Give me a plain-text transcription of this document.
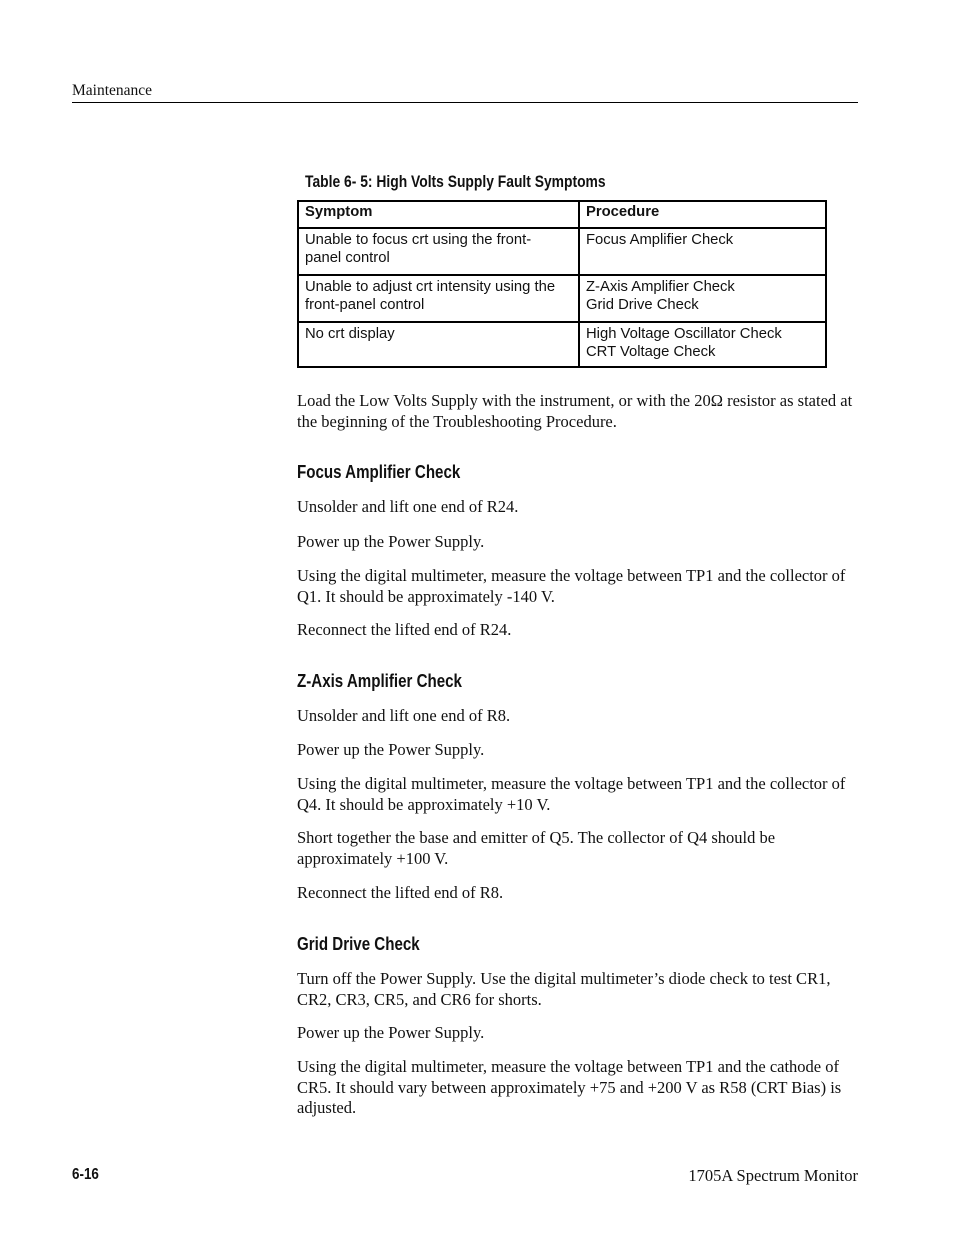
Maintenance
Table 6- 5: High Volts Supply Fault Symptoms
Symptom	Procedure

Unable to focus crt using the front-
panel control	Focus Amplifier Check

Unable to adjust crt intensity using the
front-panel control	Z-Axis Amplifier Check
Grid Drive Check

No crt display	High Voltage Oscillator Check
CRT Voltage Check
Load the Low Volts Supply with the instrument, or with the 20Ω resistor as stated at the beginning of the Troubleshooting Procedure.
Focus Amplifier Check
Unsolder and lift one end of R24.
Power up the Power Supply.
Using the digital multimeter, measure the voltage between TP1 and the collector of Q1. It should be approximately -140 V.
Reconnect the lifted end of R24.
Z-Axis Amplifier Check
Unsolder and lift one end of R8.
Power up the Power Supply.
Using the digital multimeter, measure the voltage between TP1 and the collector of Q4. It should be approximately +10 V.
Short together the base and emitter of Q5. The collector of Q4 should be approximately +100 V.
Reconnect the lifted end of R8.
Grid Drive Check
Turn off the Power Supply. Use the digital multimeter’s diode check to test CR1, CR2, CR3, CR5, and CR6 for shorts.
Power up the Power Supply.
Using the digital multimeter, measure the voltage between TP1 and the cathode of CR5. It should vary between approximately +75 and +200 V as R58 (CRT Bias) is adjusted.
6-16	1705A Spectrum Monitor
